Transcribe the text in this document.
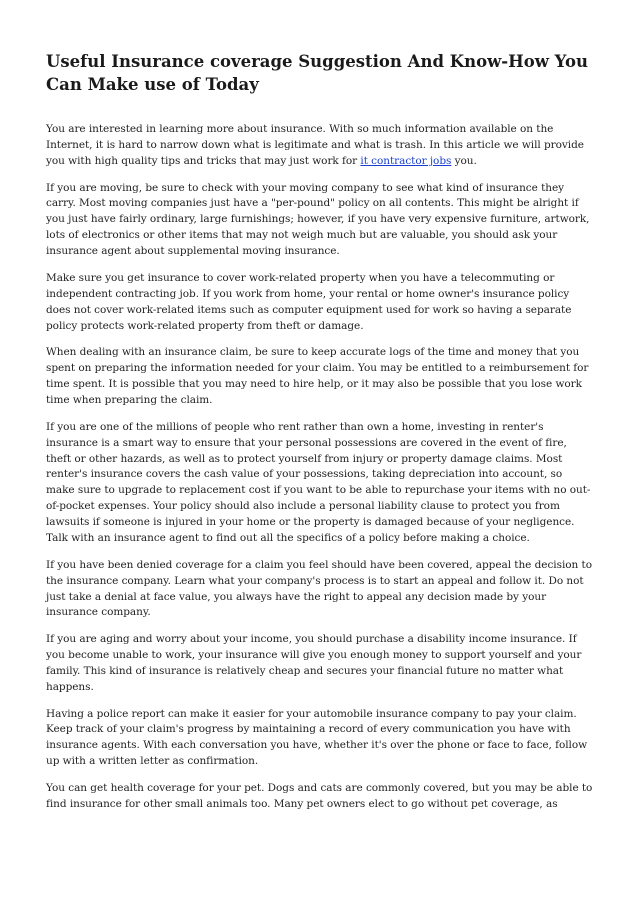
Useful Insurance coverage Suggestion And Know-How You Can Make use of Today

You are interested in learning more about insurance. With so much information available on the Internet, it is hard to narrow down what is legitimate and what is trash. In this article we will provide you with high quality tips and tricks that may just work for it contractor jobs you.

If you are moving, be sure to check with your moving company to see what kind of insurance they carry. Most moving companies just have a "per-pound" policy on all contents. This might be alright if you just have fairly ordinary, large furnishings; however, if you have very expensive furniture, artwork, lots of electronics or other items that may not weigh much but are valuable, you should ask your insurance agent about supplemental moving insurance.

Make sure you get insurance to cover work-related property when you have a telecommuting or independent contracting job. If you work from home, your rental or home owner's insurance policy does not cover work-related items such as computer equipment used for work so having a separate policy protects work-related property from theft or damage.

When dealing with an insurance claim, be sure to keep accurate logs of the time and money that you spent on preparing the information needed for your claim. You may be entitled to a reimbursement for time spent. It is possible that you may need to hire help, or it may also be possible that you lose work time when preparing the claim.

If you are one of the millions of people who rent rather than own a home, investing in renter's insurance is a smart way to ensure that your personal possessions are covered in the event of fire, theft or other hazards, as well as to protect yourself from injury or property damage claims. Most renter's insurance covers the cash value of your possessions, taking depreciation into account, so make sure to upgrade to replacement cost if you want to be able to repurchase your items with no out-of-pocket expenses. Your policy should also include a personal liability clause to protect you from lawsuits if someone is injured in your home or the property is damaged because of your negligence. Talk with an insurance agent to find out all the specifics of a policy before making a choice.

If you have been denied coverage for a claim you feel should have been covered, appeal the decision to the insurance company. Learn what your company's process is to start an appeal and follow it. Do not just take a denial at face value, you always have the right to appeal any decision made by your insurance company.

If you are aging and worry about your income, you should purchase a disability income insurance. If you become unable to work, your insurance will give you enough money to support yourself and your family. This kind of insurance is relatively cheap and secures your financial future no matter what happens.

Having a police report can make it easier for your automobile insurance company to pay your claim. Keep track of your claim's progress by maintaining a record of every communication you have with insurance agents. With each conversation you have, whether it's over the phone or face to face, follow up with a written letter as confirmation.

You can get health coverage for your pet. Dogs and cats are commonly covered, but you may be able to find insurance for other small animals too. Many pet owners elect to go without pet coverage, as
